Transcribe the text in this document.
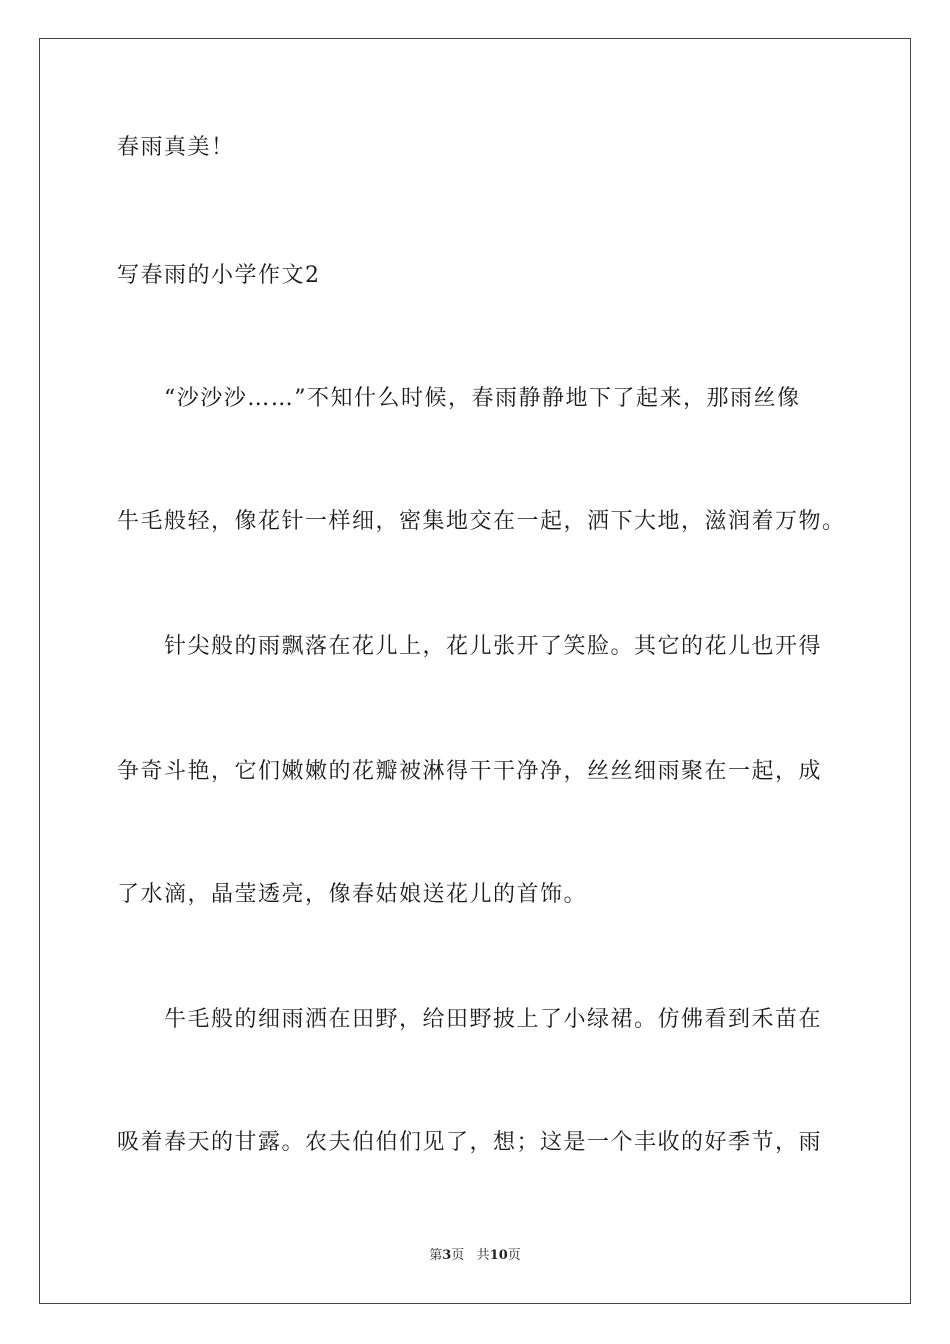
春雨真美！
写春雨的小学作文2
　　“沙沙沙……”不知什么时候，春雨静静地下了起来，那雨丝像
牛毛般轻，像花针一样细，密集地交在一起，洒下大地，滋润着万物。
　　针尖般的雨飘落在花儿上，花儿张开了笑脸。其它的花儿也开得
争奇斗艳，它们嫩嫩的花瓣被淋得干干净净，丝丝细雨聚在一起，成
了水滴，晶莹透亮，像春姑娘送花儿的首饰。
　　牛毛般的细雨洒在田野，给田野披上了小绿裙。仿佛看到禾苗在
吸着春天的甘露。农夫伯伯们见了，想；这是一个丰收的好季节，雨
第3页 共10页
